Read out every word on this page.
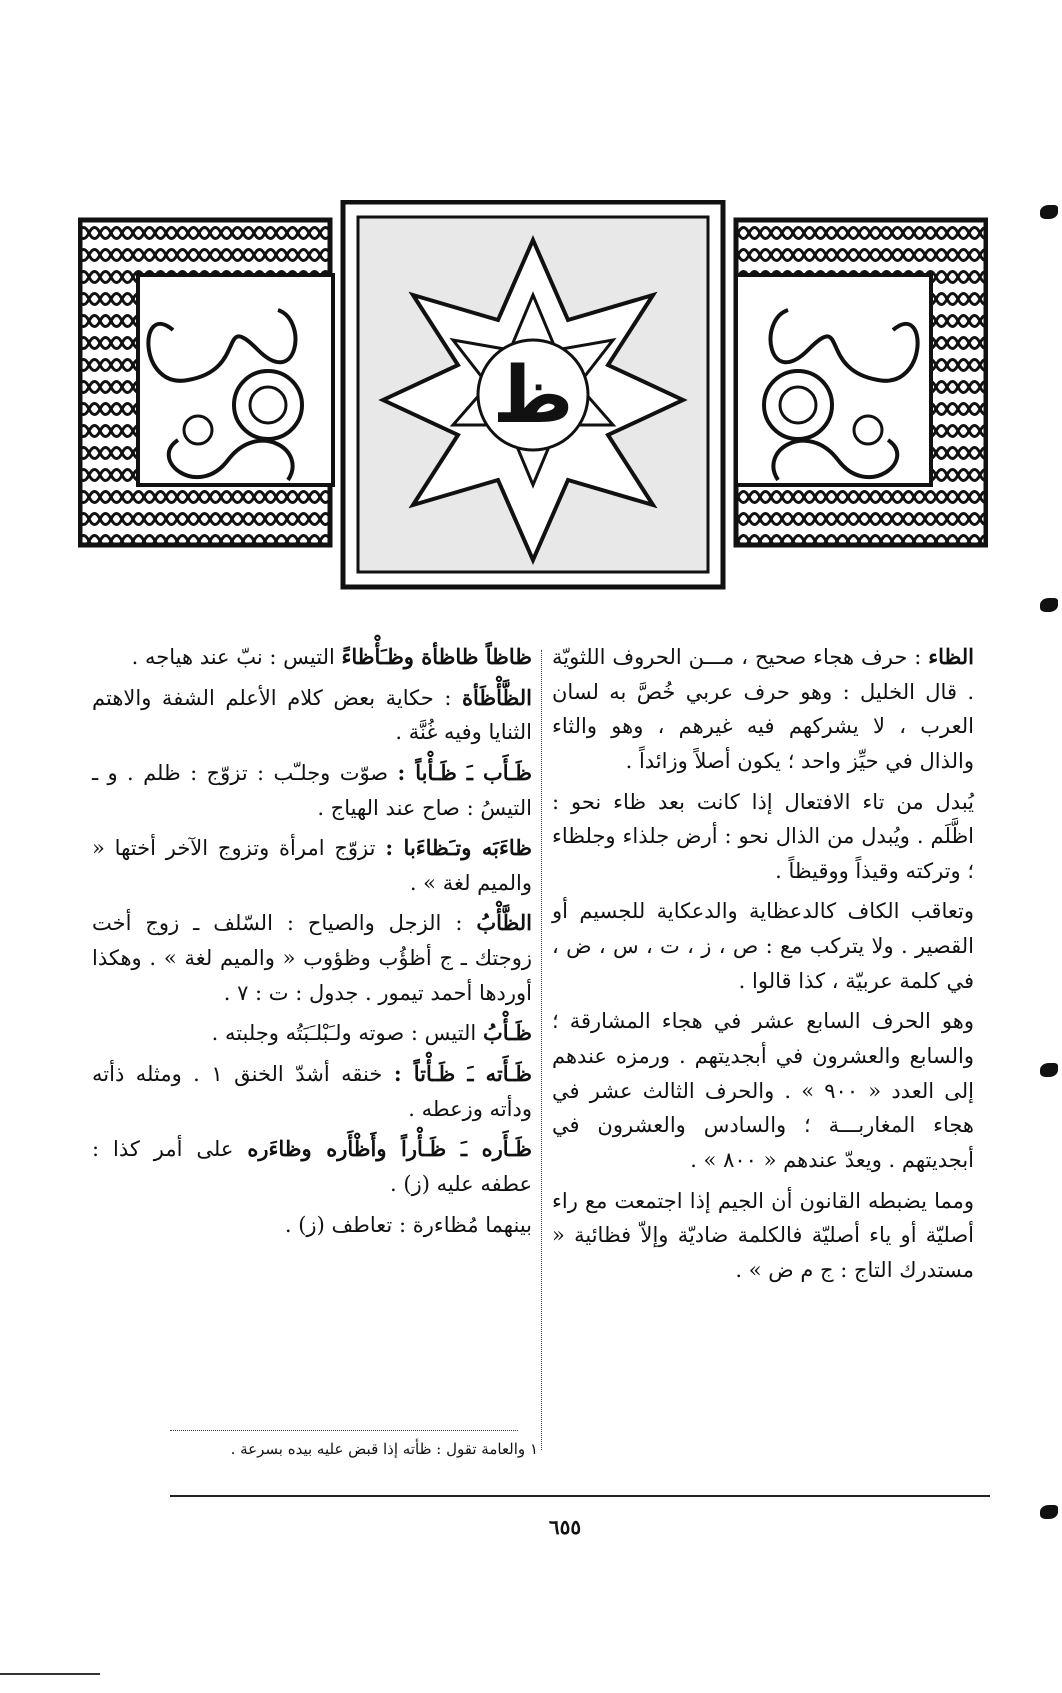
ظ

الظاء : حرف هجاء صحيح ، مـــن الحروف اللثويّة . قال الخليل : وهو حرف عربي خُصَّ به لسان العرب ، لا يشركهم فيه غيرهم ، وهو والثاء والذال في حيِّز واحد ؛ يكون أصلاً وزائداً .

يُبدل من تاء الافتعال إذا كانت بعد ظاء نحو : اظَّلَم . ويُبدل من الذال نحو : أرض جلذاء وجلظاء ؛ وتركته وقيذاً ووقيظاً .

وتعاقب الكاف كالدعظاية والدعكاية للجسيم أو القصير . ولا يتركب مع : ص ، ز ، ت ، س ، ض ، في كلمة عربيّة ، كذا قالوا .

وهو الحرف السابع عشر في هجاء المشارقة ؛ والسابع والعشرون في أبجديتهم . ورمزه عندهم إلى العدد « ٩٠٠ » . والحرف الثالث عشر في هجاء المغاربـــة ؛ والسادس والعشرون في أبجديتهم . ويعدّ عندهم « ٨٠٠ » .

ومما يضبطه القانون أن الجيم إذا اجتمعت مع راء أصليّة أو ياء أصليّة فالكلمة ضاديّة وإلاّ فظائية « مستدرك التاج : ج م ض » .

ظاظاً ظاظأة وظـَأْظاءً التيس : نبّ عند هياجه .

الظَّأْظَأة : حكاية بعض كلام الأعلم الشفة والاهتم الثنايا وفيه غُنَّة .

ظَـأَب ـَ ظَـأْباً : صوّت وجلـّب : تزوّج : ظلم . و ـ التيسُ : صاح عند الهياج .

ظاءَبَه وتـَظاءَبا : تزوّج امرأة وتزوج الآخر أختها « والميم لغة » .

الظَّأْبُ : الزجل والصياح : السّلف ـ زوج أخت زوجتك ـ ج أظؤُب وظؤوب « والميم لغة » . وهكذا أوردها أحمد تيمور . جدول : ت : ٧ .

ظَـأْبُ التيس : صوته ولـَبْلـَبَتُه وجلبته .

ظَـأَته ـَ ظَـأْتاً : خنقه أشدّ الخنق ١ . ومثله ذأته ودأته وزعطه .

ظَـأَره ـَ ظَـأْراً وأَظْأَره وظاءَره على أمر كذا : عطفه عليه (ز) .

بينهما مُظاءرة : تعاطف (ز) .

١ والعامة تقول : ظأته إذا قبض عليه بيده بسرعة .
٦٥٥
